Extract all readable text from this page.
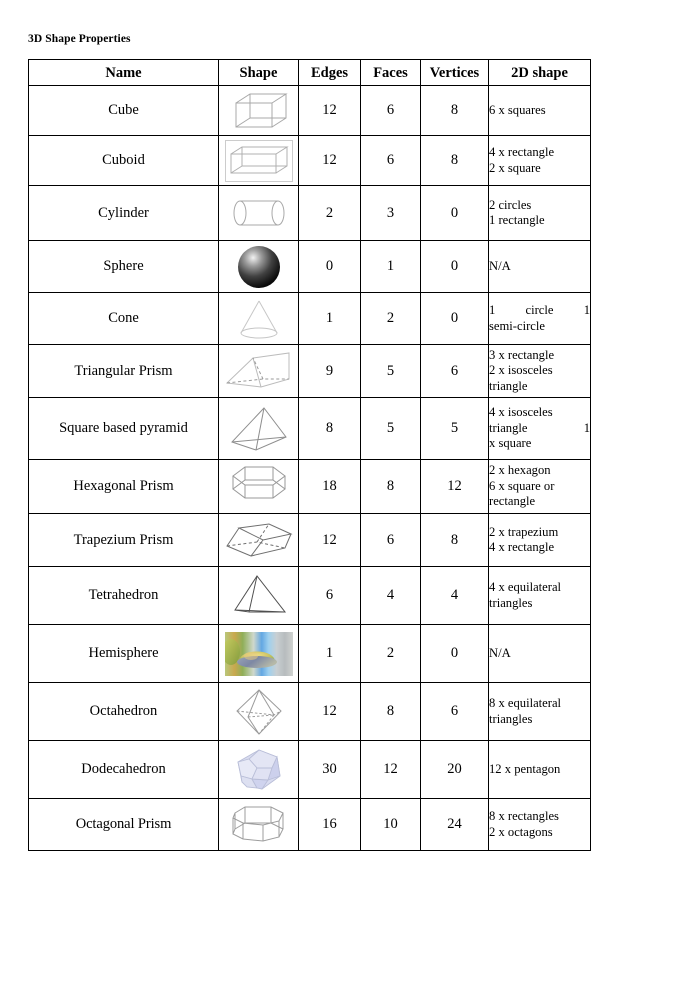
3D Shape Properties
Name	Shape	Edges	Faces	Vertices	2D shape
Cube		12	6	8	6 x squares

Cuboid		12	6	8	4 x rectangle
2 x square

Cylinder		2	3	0	2 circles
1 rectangle

Sphere		0	1	0	N/A

Cone		1	2	0	1 circle 1
semi-circle

Triangular Prism		9	5	6	3 x rectangle
2 x isosceles
triangle

Square based pyramid		8	5	5	4 x isosceles
triangle 1
x square

Hexagonal Prism		18	8	12	2 x hexagon
6 x square or
rectangle

Trapezium Prism		12	6	8	2 x trapezium
4 x rectangle

Tetrahedron		6	4	4	4 x equilateral
triangles

Hemisphere		1	2	0	N/A

Octahedron		12	8	6	8 x equilateral
triangles

Dodecahedron		30	12	20	12 x pentagon

Octagonal Prism		16	10	24	8 x rectangles
2 x octagons
